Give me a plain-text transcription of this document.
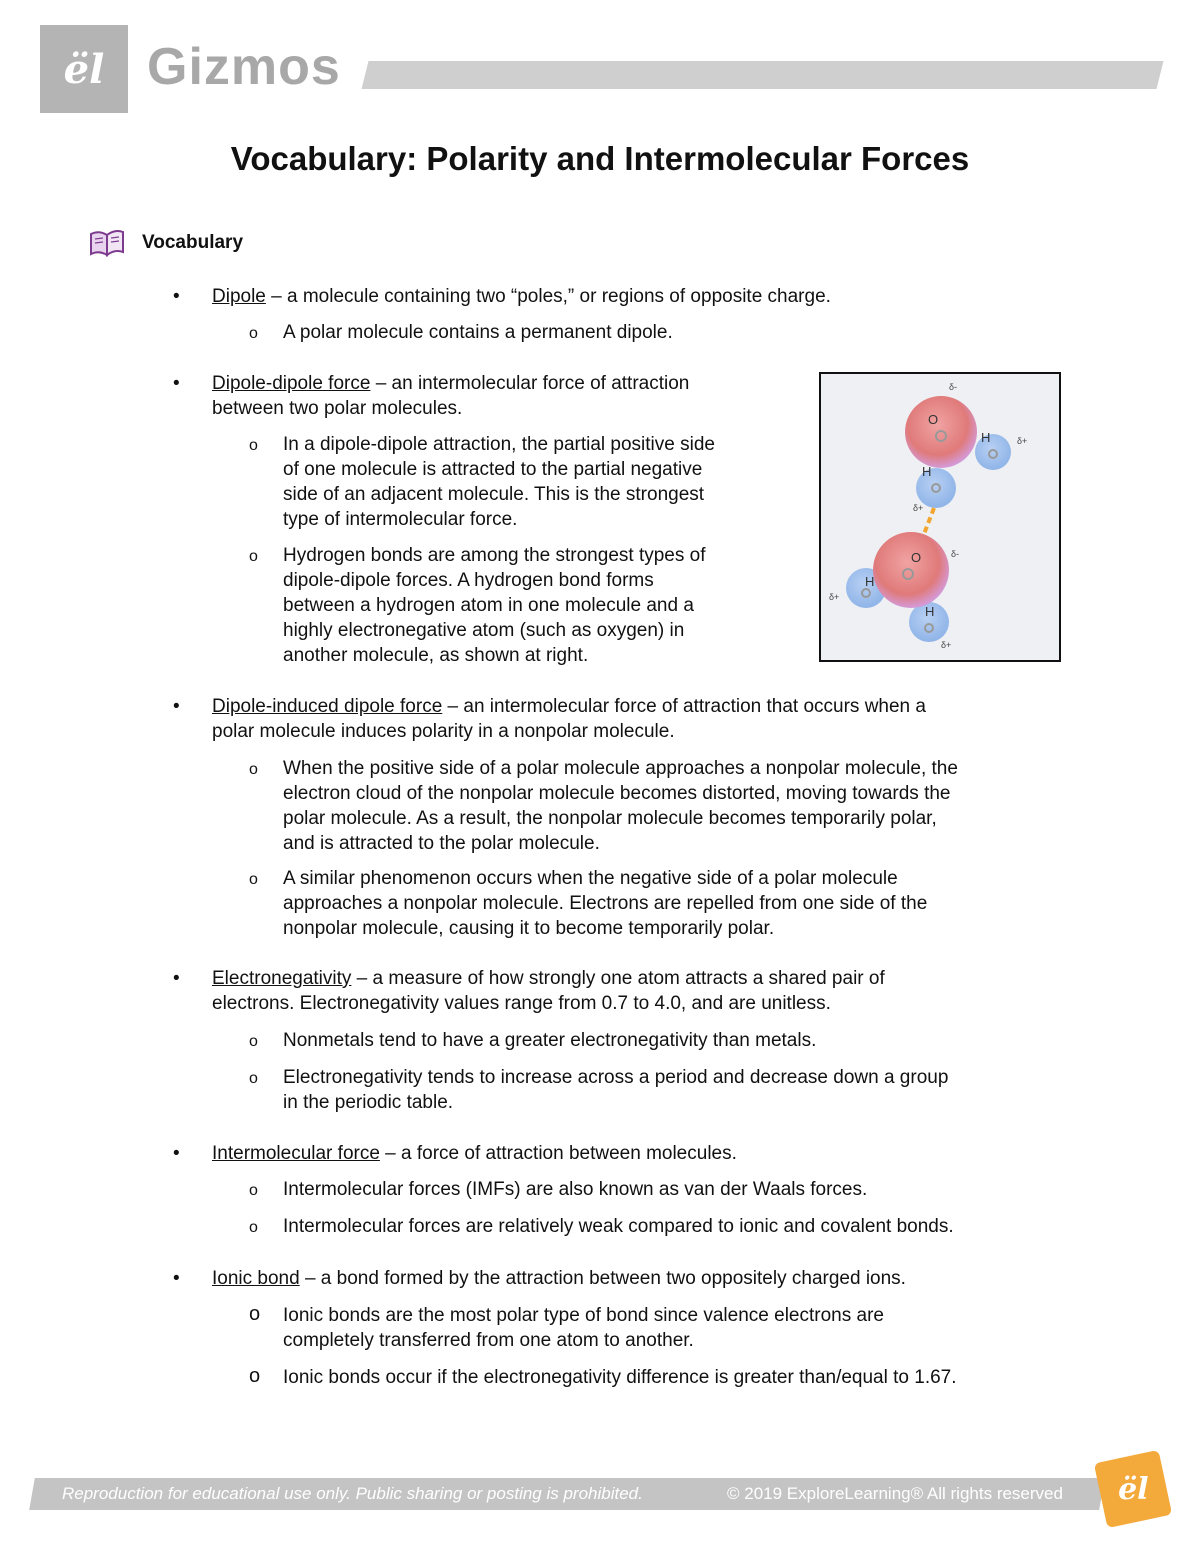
ël Gizmos
Vocabulary: Polarity and Intermolecular Forces
Vocabulary
• Dipole – a molecule containing two “poles,” or regions of opposite charge.
o A polar molecule contains a permanent dipole.
• Dipole-dipole force – an intermolecular force of attraction
between two polar molecules.
o In a dipole-dipole attraction, the partial positive side
of one molecule is attracted to the partial negative
side of an adjacent molecule. This is the strongest
type of intermolecular force.
o Hydrogen bonds are among the strongest types of
dipole-dipole forces. A hydrogen bond forms
between a hydrogen atom in one molecule and a
highly electronegative atom (such as oxygen) in
another molecule, as shown at right.
• Dipole-induced dipole force – an intermolecular force of attraction that occurs when a
polar molecule induces polarity in a nonpolar molecule.
o When the positive side of a polar molecule approaches a nonpolar molecule, the
electron cloud of the nonpolar molecule becomes distorted, moving towards the
polar molecule. As a result, the nonpolar molecule becomes temporarily polar,
and is attracted to the polar molecule.
o A similar phenomenon occurs when the negative side of a polar molecule
approaches a nonpolar molecule. Electrons are repelled from one side of the
nonpolar molecule, causing it to become temporarily polar.
• Electronegativity – a measure of how strongly one atom attracts a shared pair of
electrons. Electronegativity values range from 0.7 to 4.0, and are unitless.
o Nonmetals tend to have a greater electronegativity than metals.
o Electronegativity tends to increase across a period and decrease down a group
in the periodic table.
• Intermolecular force – a force of attraction between molecules.
o Intermolecular forces (IMFs) are also known as van der Waals forces.
o Intermolecular forces are relatively weak compared to ionic and covalent bonds.
• Ionic bond – a bond formed by the attraction between two oppositely charged ions.
o Ionic bonds are the most polar type of bond since valence electrons are
completely transferred from one atom to another.
o Ionic bonds occur if the electronegativity difference is greater than/equal to 1.67.
O
H
H
δ-
δ+
δ+
O
H
H
δ-
δ+
δ+
Reproduction for educational use only. Public sharing or posting is prohibited.	© 2019 ExploreLearning® All rights reserved ël
